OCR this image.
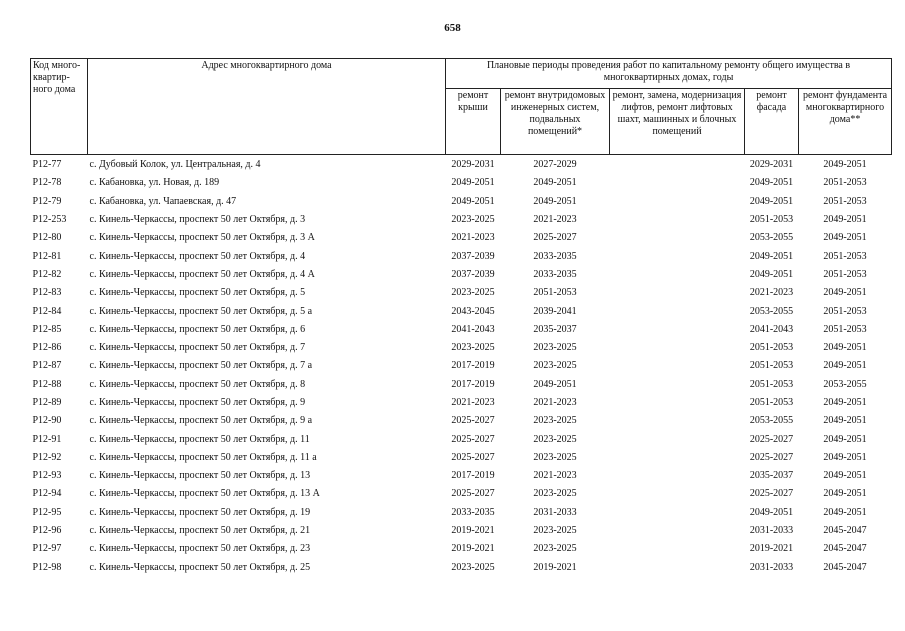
658
Код много-квартир-ного дома	Адрес многоквартирного дома	Плановые периоды проведения работ по капитальному ремонту общего имущества в многоквартирных домах, годы				
		ремонт крыши	ремонт внутридомовых инженерных систем, подвальных помещений*	ремонт, замена, модернизация лифтов, ремонт лифтовых шахт, машинных и блочных помещений	ремонт фасада	ремонт фундамента многоквартирного дома**
P12-77	с. Дубовый Колок, ул. Центральная, д. 4	2029-2031	2027-2029		2029-2031	2049-2051
P12-78	с. Кабановка, ул. Новая, д. 189	2049-2051	2049-2051		2049-2051	2051-2053
P12-79	с. Кабановка, ул. Чапаевская, д. 47	2049-2051	2049-2051		2049-2051	2051-2053
P12-253	с. Кинель-Черкассы, проспект 50 лет Октября, д. 3	2023-2025	2021-2023		2051-2053	2049-2051
P12-80	с. Кинель-Черкассы, проспект 50 лет Октября, д. 3 А	2021-2023	2025-2027		2053-2055	2049-2051
P12-81	с. Кинель-Черкассы, проспект 50 лет Октября, д. 4	2037-2039	2033-2035		2049-2051	2051-2053
P12-82	с. Кинель-Черкассы, проспект 50 лет Октября, д. 4 А	2037-2039	2033-2035		2049-2051	2051-2053
P12-83	с. Кинель-Черкассы, проспект 50 лет Октября, д. 5	2023-2025	2051-2053		2021-2023	2049-2051
P12-84	с. Кинель-Черкассы, проспект 50 лет Октября, д. 5 а	2043-2045	2039-2041		2053-2055	2051-2053
P12-85	с. Кинель-Черкассы, проспект 50 лет Октября, д. 6	2041-2043	2035-2037		2041-2043	2051-2053
P12-86	с. Кинель-Черкассы, проспект 50 лет Октября, д. 7	2023-2025	2023-2025		2051-2053	2049-2051
P12-87	с. Кинель-Черкассы, проспект 50 лет Октября, д. 7 а	2017-2019	2023-2025		2051-2053	2049-2051
P12-88	с. Кинель-Черкассы, проспект 50 лет Октября, д. 8	2017-2019	2049-2051		2051-2053	2053-2055
P12-89	с. Кинель-Черкассы, проспект 50 лет Октября, д. 9	2021-2023	2021-2023		2051-2053	2049-2051
P12-90	с. Кинель-Черкассы, проспект 50 лет Октября, д. 9 а	2025-2027	2023-2025		2053-2055	2049-2051
P12-91	с. Кинель-Черкассы, проспект 50 лет Октября, д. 11	2025-2027	2023-2025		2025-2027	2049-2051
P12-92	с. Кинель-Черкассы, проспект 50 лет Октября, д. 11 а	2025-2027	2023-2025		2025-2027	2049-2051
P12-93	с. Кинель-Черкассы, проспект 50 лет Октября, д. 13	2017-2019	2021-2023		2035-2037	2049-2051
P12-94	с. Кинель-Черкассы, проспект 50 лет Октября, д. 13 А	2025-2027	2023-2025		2025-2027	2049-2051
P12-95	с. Кинель-Черкассы, проспект 50 лет Октября, д. 19	2033-2035	2031-2033		2049-2051	2049-2051
P12-96	с. Кинель-Черкассы, проспект 50 лет Октября, д. 21	2019-2021	2023-2025		2031-2033	2045-2047
P12-97	с. Кинель-Черкассы, проспект 50 лет Октября, д. 23	2019-2021	2023-2025		2019-2021	2045-2047
P12-98	с. Кинель-Черкассы, проспект 50 лет Октября, д. 25	2023-2025	2019-2021		2031-2033	2045-2047
